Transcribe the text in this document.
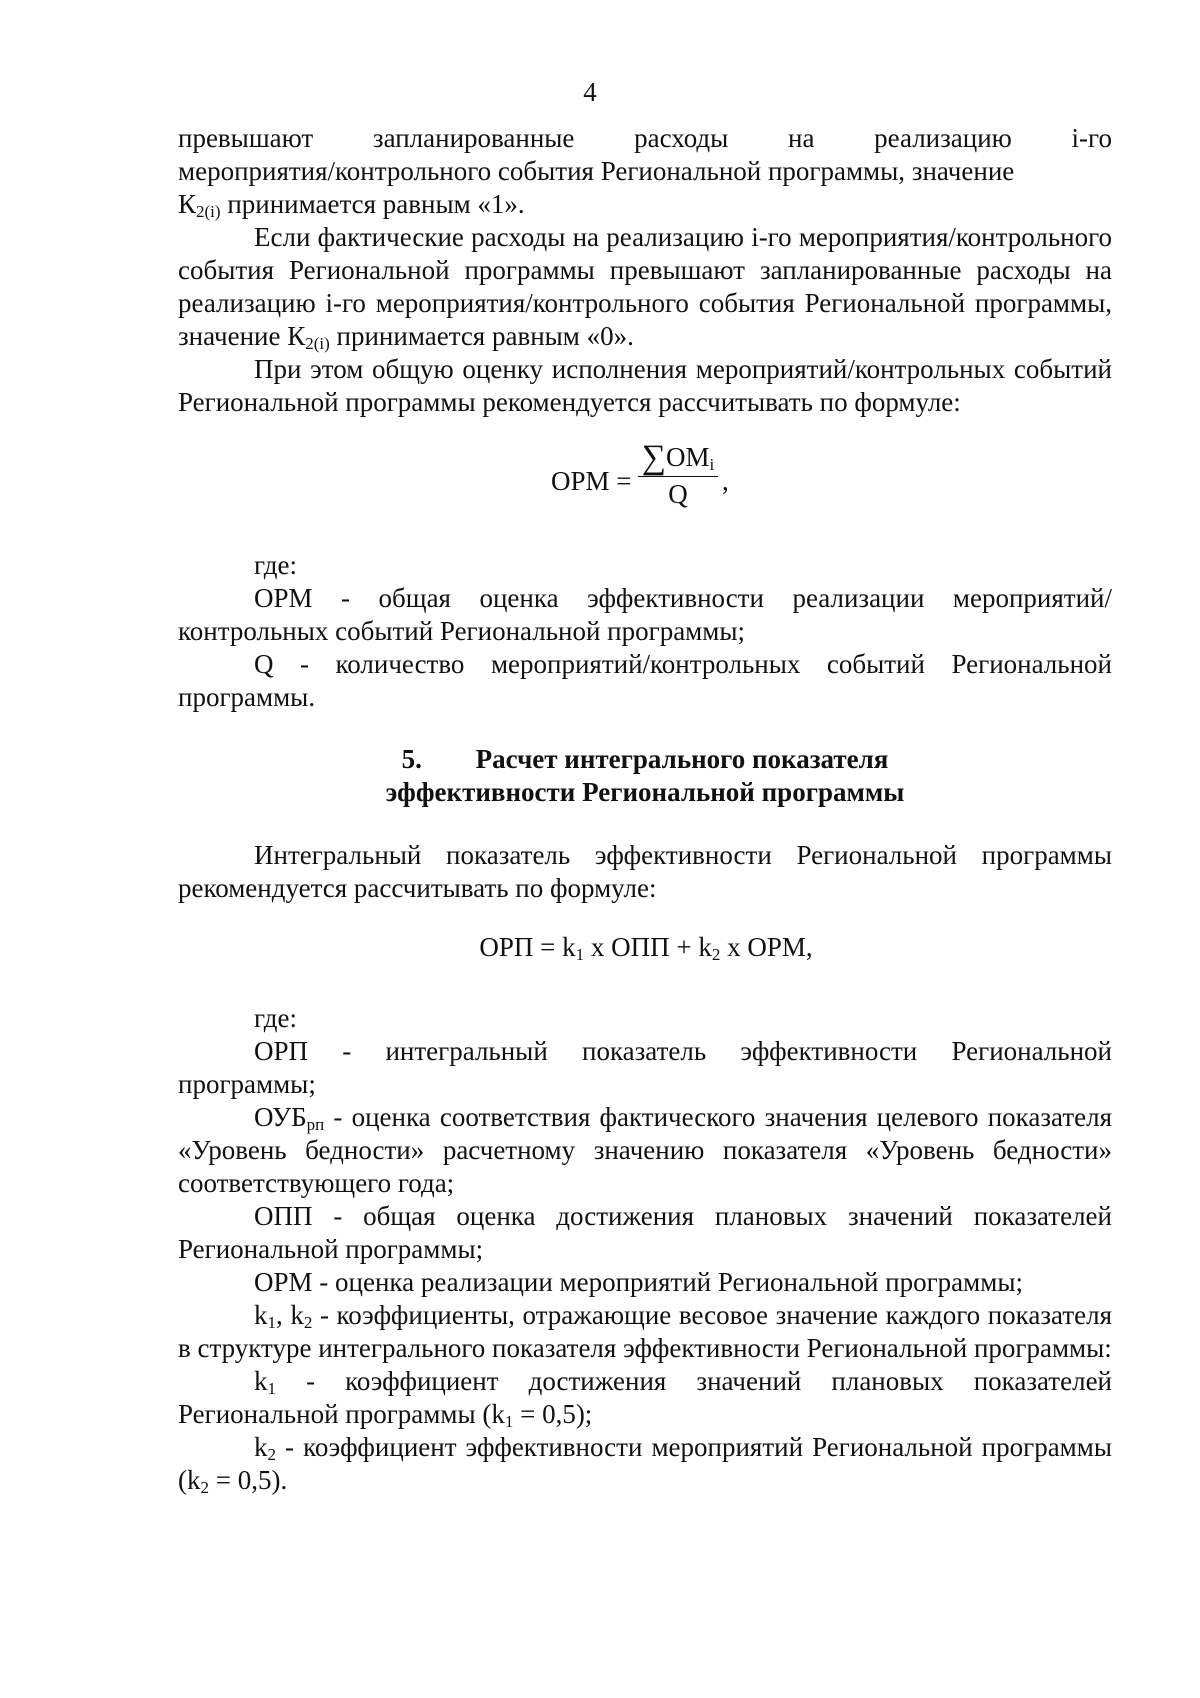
4

превышают запланированные расходы на реализацию i-го

мероприятия/контрольного события Региональной программы, значение
$К_{2(i)}$ принимается равным «1».

Если фактические расходы на реализацию i-го мероприятия/контрольного события Региональной программы превышают запланированные расходы на реализацию i-го мероприятия/контрольного события Региональной программы, значение $К_{2(i)}$ принимается равным «0».

При этом общую оценку исполнения мероприятий/контрольных событий Региональной программы рекомендуется рассчитывать по формуле:

ОРМ =
$\sum ОМ_i$
Q	,

где:

ОРМ - общая оценка эффективности реализации мероприятий/контрольных событий Региональной программы;

Q - количество мероприятий/контрольных событий Региональной программы.

5. Расчет интегрального показателя
эффективности Региональной программы

Интегральный показатель эффективности Региональной программы рекомендуется рассчитывать по формуле:

ОРП = $k_1$ x ОПП + $k_2$ x ОРМ,

где:

ОРП - интегральный показатель эффективности Региональной программы;

$ОУБ_{рп}$ - оценка соответствия фактического значения целевого показателя «Уровень бедности» расчетному значению показателя «Уровень бедности» соответствующего года;

ОПП - общая оценка достижения плановых значений показателей Региональной программы;

ОРМ - оценка реализации мероприятий Региональной программы;

$k_1$, $k_2$ - коэффициенты, отражающие весовое значение каждого показателя в структуре интегрального показателя эффективности Региональной программы:

$k_1$ - коэффициент достижения значений плановых показателей Региональной программы $(k_1 = 0,5)$;

$k_2$ - коэффициент эффективности мероприятий Региональной программы $(k_2 = 0,5)$.
